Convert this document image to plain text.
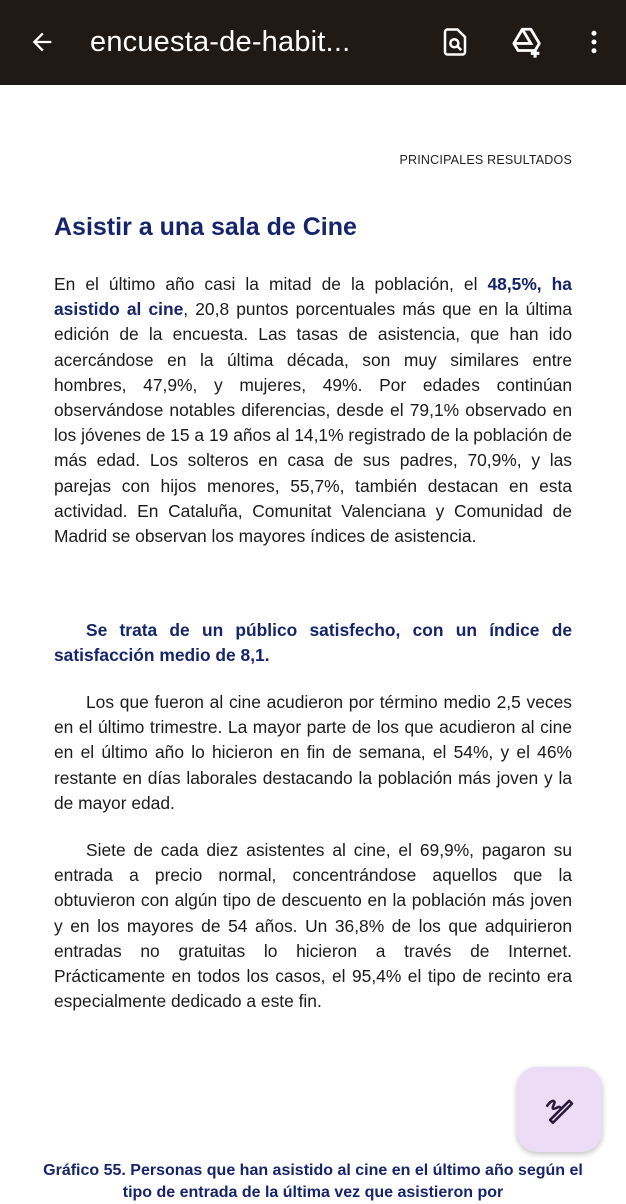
encuesta-de-habit...
PRINCIPALES RESULTADOS
Asistir a una sala de Cine
En el último año casi la mitad de la población, el 48,5%, ha asistido al cine, 20,8 puntos porcentuales más que en la última edición de la encuesta. Las tasas de asistencia, que han ido acercándose en la última década, son muy similares entre hombres, 47,9%, y mujeres, 49%. Por edades continúan observándose notables diferencias, desde el 79,1% observado en los jóvenes de 15 a 19 años al 14,1% registrado de la población de más edad. Los solteros en casa de sus padres, 70,9%, y las parejas con hijos menores, 55,7%, también destacan en esta actividad. En Cataluña, Comunitat Valenciana y Comunidad de Madrid se observan los mayores índices de asistencia.
Se trata de un público satisfecho, con un índice de satisfacción medio de 8,1.
Los que fueron al cine acudieron por término medio 2,5 veces en el último trimestre. La mayor parte de los que acudieron al cine en el último año lo hicieron en fin de semana, el 54%, y el 46% restante en días laborales destacando la población más joven y la de mayor edad.
Siete de cada diez asistentes al cine, el 69,9%, pagaron su entrada a precio normal, concentrándose aquellos que la obtuvieron con algún tipo de descuento en la población más joven y en los mayores de 54 años. Un 36,8% de los que adquirieron entradas no gratuitas lo hicieron a través de Internet. Prácticamente en todos los casos, el 95,4% el tipo de recinto era especialmente dedicado a este fin.
Gráfico 55. Personas que han asistido al cine en el último año según el tipo de entrada de la última vez que asistieron por
